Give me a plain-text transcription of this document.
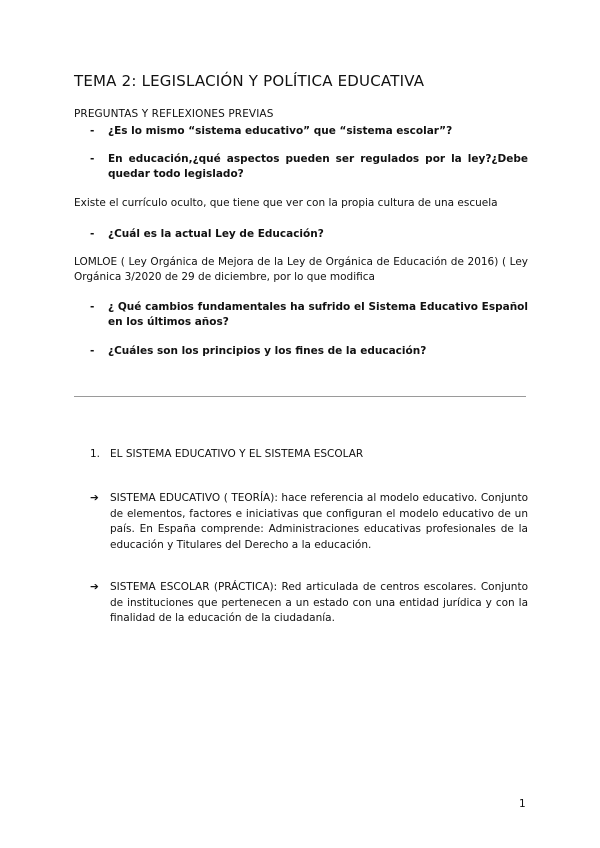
TEMA 2: LEGISLACIÓN Y POLÍTICA EDUCATIVA
PREGUNTAS Y REFLEXIONES PREVIAS
- ¿Es lo mismo “sistema educativo” que “sistema escolar”?
- En educación,¿qué aspectos pueden ser regulados por la ley?¿Debe quedar todo legislado?
Existe el currículo oculto, que tiene que ver con la propia cultura de una escuela
- ¿Cuál es la actual Ley de Educación?
LOMLOE ( Ley Orgánica de Mejora de la Ley de Orgánica de Educación de 2016) ( Ley Orgánica 3/2020 de 29 de diciembre, por lo que modifica
- ¿ Qué cambios fundamentales ha sufrido el Sistema Educativo Español en los últimos años?
- ¿Cuáles son los principios y los fines de la educación?
1. EL SISTEMA EDUCATIVO Y EL SISTEMA ESCOLAR
➔ SISTEMA EDUCATIVO ( TEORÍA): hace referencia al modelo educativo. Conjunto de elementos, factores e iniciativas que configuran el modelo educativo de un país. En España comprende: Administraciones educativas profesionales de la educación y Titulares del Derecho a la educación.
➔ SISTEMA ESCOLAR (PRÁCTICA): Red articulada de centros escolares. Conjunto de instituciones que pertenecen a un estado con una entidad jurídica y con la finalidad de la educación de la ciudadanía.
1
